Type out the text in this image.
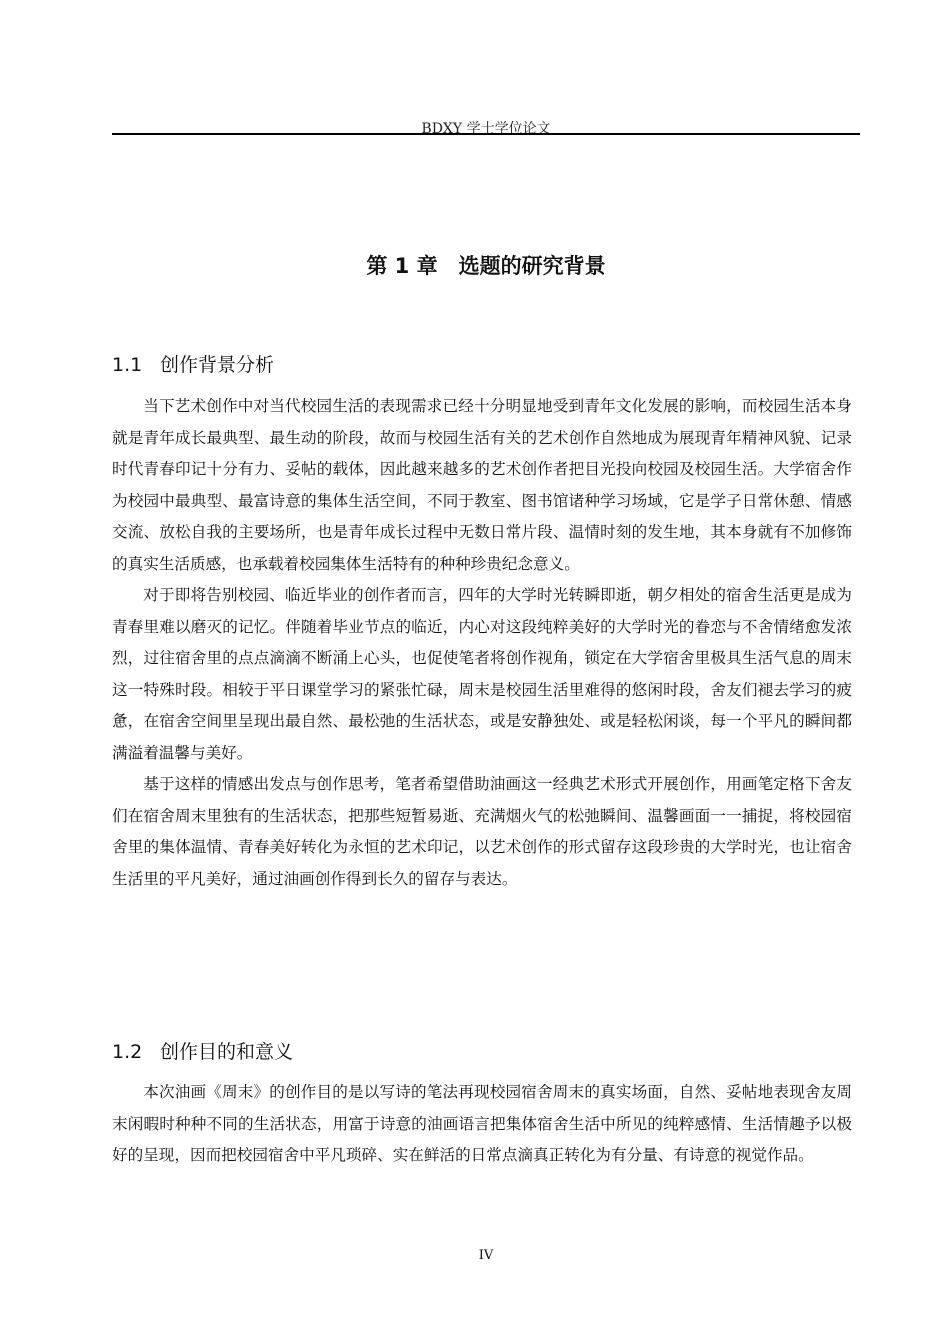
BDXY 学士学位论文
第 1 章　选题的研究背景
1.1 创作背景分析

当下艺术创作中对当代校园生活的表现需求已经十分明显地受到青年文化发展的影响，而校园生活本身就是青年成长最典型、最生动的阶段，故而与校园生活有关的艺术创作自然地成为展现青年精神风貌、记录时代青春印记十分有力、妥帖的载体，因此越来越多的艺术创作者把目光投向校园及校园生活。大学宿舍作为校园中最典型、最富诗意的集体生活空间，不同于教室、图书馆诸种学习场域，它是学子日常休憩、情感交流、放松自我的主要场所，也是青年成长过程中无数日常片段、温情时刻的发生地，其本身就有不加修饰的真实生活质感，也承载着校园集体生活特有的种种珍贵纪念意义。

对于即将告别校园、临近毕业的创作者而言，四年的大学时光转瞬即逝，朝夕相处的宿舍生活更是成为青春里难以磨灭的记忆。伴随着毕业节点的临近，内心对这段纯粹美好的大学时光的眷恋与不舍情绪愈发浓烈，过往宿舍里的点点滴滴不断涌上心头，也促使笔者将创作视角，锁定在大学宿舍里极具生活气息的周末这一特殊时段。相较于平日课堂学习的紧张忙碌，周末是校园生活里难得的悠闲时段，舍友们褪去学习的疲惫，在宿舍空间里呈现出最自然、最松弛的生活状态，或是安静独处、或是轻松闲谈，每一个平凡的瞬间都满溢着温馨与美好。

基于这样的情感出发点与创作思考，笔者希望借助油画这一经典艺术形式开展创作，用画笔定格下舍友们在宿舍周末里独有的生活状态，把那些短暂易逝、充满烟火气的松弛瞬间、温馨画面一一捕捉，将校园宿舍里的集体温情、青春美好转化为永恒的艺术印记，以艺术创作的形式留存这段珍贵的大学时光，也让宿舍生活里的平凡美好，通过油画创作得到长久的留存与表达。

1.2 创作目的和意义

本次油画《周末》的创作目的是以写诗的笔法再现校园宿舍周末的真实场面，自然、妥帖地表现舍友周末闲暇时种种不同的生活状态，用富于诗意的油画语言把集体宿舍生活中所见的纯粹感情、生活情趣予以极好的呈现，因而把校园宿舍中平凡琐碎、实在鲜活的日常点滴真正转化为有分量、有诗意的视觉作品。

IV
